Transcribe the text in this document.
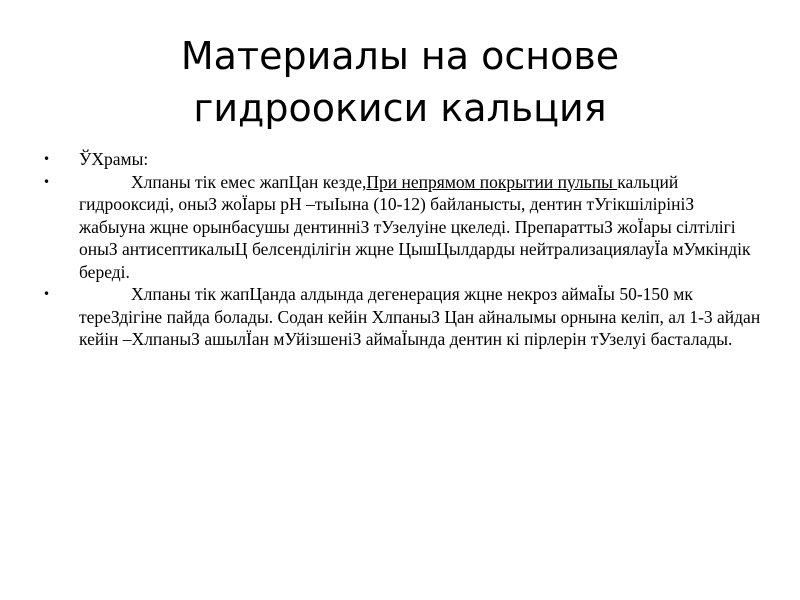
Материалы на основе
гидроокиси кальция
• ЎХрамы:
•	Хлпаны тік емес жапЦан кезде,При непрямом покрытии пульпы кальций гидрооксиді, оныЗ жоЇары рН –тыІына (10-12) байланысты, дентин тУгікшілірініЗ жабыуна жцне орынбасушы дентинніЗ тУзелуіне цкеледі. ПрепараттыЗ жоЇары сілтілігі оныЗ антисептикалыЦ белсенділігін жцне ЦышЦылдарды нейтрализациялауЇа мУмкіндік береді.
•	Хлпаны тік жапЦанда алдында дегенерация жцне некроз аймаЇы 50-150 мк тереЗдігіне пайда болады. Содан кейін ХлпаныЗ Цан айналымы орнына келіп, ал 1-3 айдан кейін –ХлпаныЗ ашылЇан мУйізшеніЗ аймаЇында дентин кі пірлерін тУзелуі басталады.
